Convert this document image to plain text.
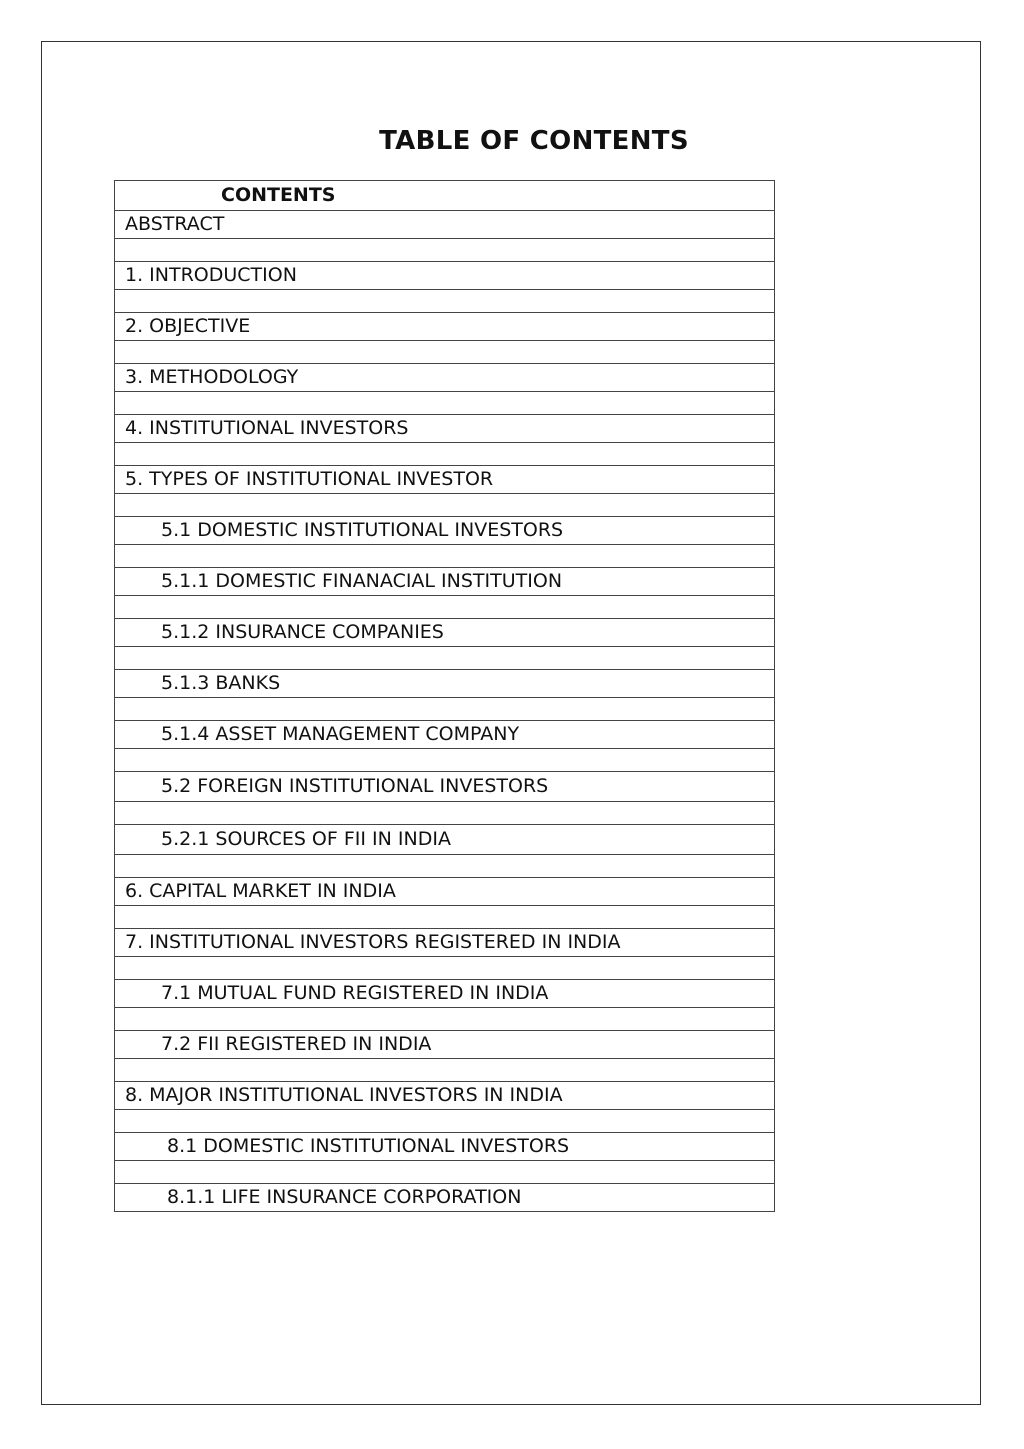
TABLE OF CONTENTS
CONTENTS
ABSTRACT

1. INTRODUCTION

2. OBJECTIVE

3. METHODOLOGY

4. INSTITUTIONAL INVESTORS

5. TYPES OF INSTITUTIONAL INVESTOR

5.1 DOMESTIC INSTITUTIONAL INVESTORS

5.1.1 DOMESTIC FINANACIAL INSTITUTION

5.1.2 INSURANCE COMPANIES

5.1.3 BANKS

5.1.4 ASSET MANAGEMENT COMPANY

5.2 FOREIGN INSTITUTIONAL INVESTORS

5.2.1 SOURCES OF FII IN INDIA

6. CAPITAL MARKET IN INDIA

7. INSTITUTIONAL INVESTORS REGISTERED IN INDIA

7.1 MUTUAL FUND REGISTERED IN INDIA

7.2 FII REGISTERED IN INDIA

8. MAJOR INSTITUTIONAL INVESTORS IN INDIA

8.1 DOMESTIC INSTITUTIONAL INVESTORS

8.1.1 LIFE INSURANCE CORPORATION
